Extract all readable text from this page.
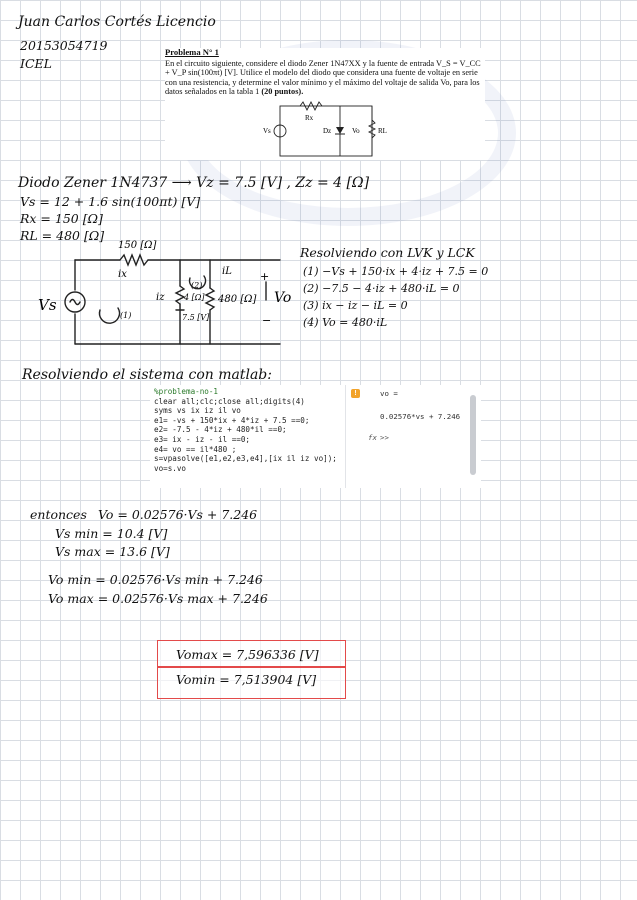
Juan Carlos Cortés Licencio
20153054719
ICEL
Problema N° 1
En el circuito siguiente, considere el diodo Zener 1N47XX y la fuente de entrada V_S = V_CC + V_P sin(100πt) [V]. Utilice el modelo del diodo que considera una fuente de voltaje en serie con una resistencia, y determine el valor mínimo y el máximo del voltaje de salida Vo, para los datos señalados en la tabla 1 (20 puntos).
Rx
Vs	Dz	Vo	RL
Diodo Zener 1N4737 ⟶ Vz = 7.5 [V] , Zz = 4 [Ω]
Vs = 12 + 1.6 sin(100πt) [V]
Rx = 150 [Ω]
RL = 480 [Ω]
150 [Ω]
ix
iz
iL
Vs	4 [Ω]
7.5 [V]
480 [Ω] Vo
(1)
(2)
+
−
Resolviendo con LVK y LCK
(1) −Vs + 150·ix + 4·iz + 7.5 = 0
(2) −7.5 − 4·iz + 480·iL = 0
(3) ix − iz − iL = 0
(4) Vo = 480·iL
Resolviendo el sistema con matlab:
%problema-no-1
clear all;clc;close all;digits(4)
syms vs ix iz il vo
e1= -vs + 150*ix + 4*iz + 7.5 ==0;
e2= -7.5 - 4*iz + 480*il ==0;
e3= ix - iz - il ==0;
e4= vo == il*480 ;
s=vpasolve([e1,e2,e3,e4],[ix il iz vo]);
vo=s.vo
!	vo =
0.02576*vs + 7.246
fx >>
entonces Vo = 0.02576·Vs + 7.246
Vs min = 10.4 [V]
Vs max = 13.6 [V]
Vo min = 0.02576·Vs min + 7.246
Vo max = 0.02576·Vs max + 7.246
Vomax = 7,596336 [V]
Vomin = 7,513904 [V]
